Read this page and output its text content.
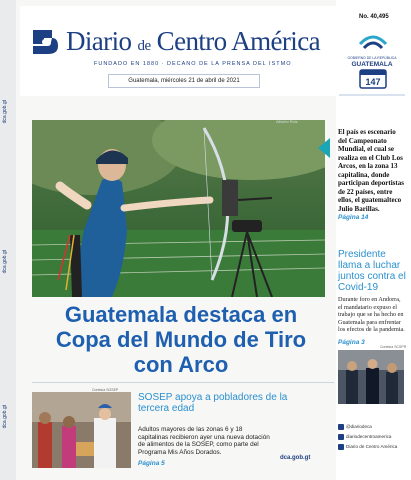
dca.gob.gt
dca.gob.gt
dca.gob.gt
Diario de Centro América
FUNDADO EN 1880 · DECANO DE LA PRENSA DEL ISTMO
Guatemala, miércoles 21 de abril de 2021
No. 40,495
147
GOBIERNO DE LA REPÚBLICA
GUATEMALA
Alberto Ruiz
El país es escenario del Campeonato Mundial, el cual se realiza en el Club Los Arcos, en la zona 13 capitalina, donde participan deportistas de 22 países, entre ellos, el guatemalteco Julio Barillas.
Página 14
Presidente llama a luchar juntos contra el Covid-19
Durante foro en Andorra, el mandatario expuso el trabajo que se ha hecho en Guatemala para enfrentar los efectos de la pandemia.
Página 3
Cortesía SCSPR
Guatemala destaca en Copa del Mundo de Tiro con Arco
Cortesía SOSEP
SOSEP apoya a pobladores de la tercera edad
Adultos mayores de las zonas 6 y 18 capitalinas recibieron ayer una nueva dotación de alimentos de la SOSEP, como parte del Programa Mis Años Dorados.
Página 5
dca.gob.gt
@diariodeca
diariodecentroamerica
Diario de Centro América
